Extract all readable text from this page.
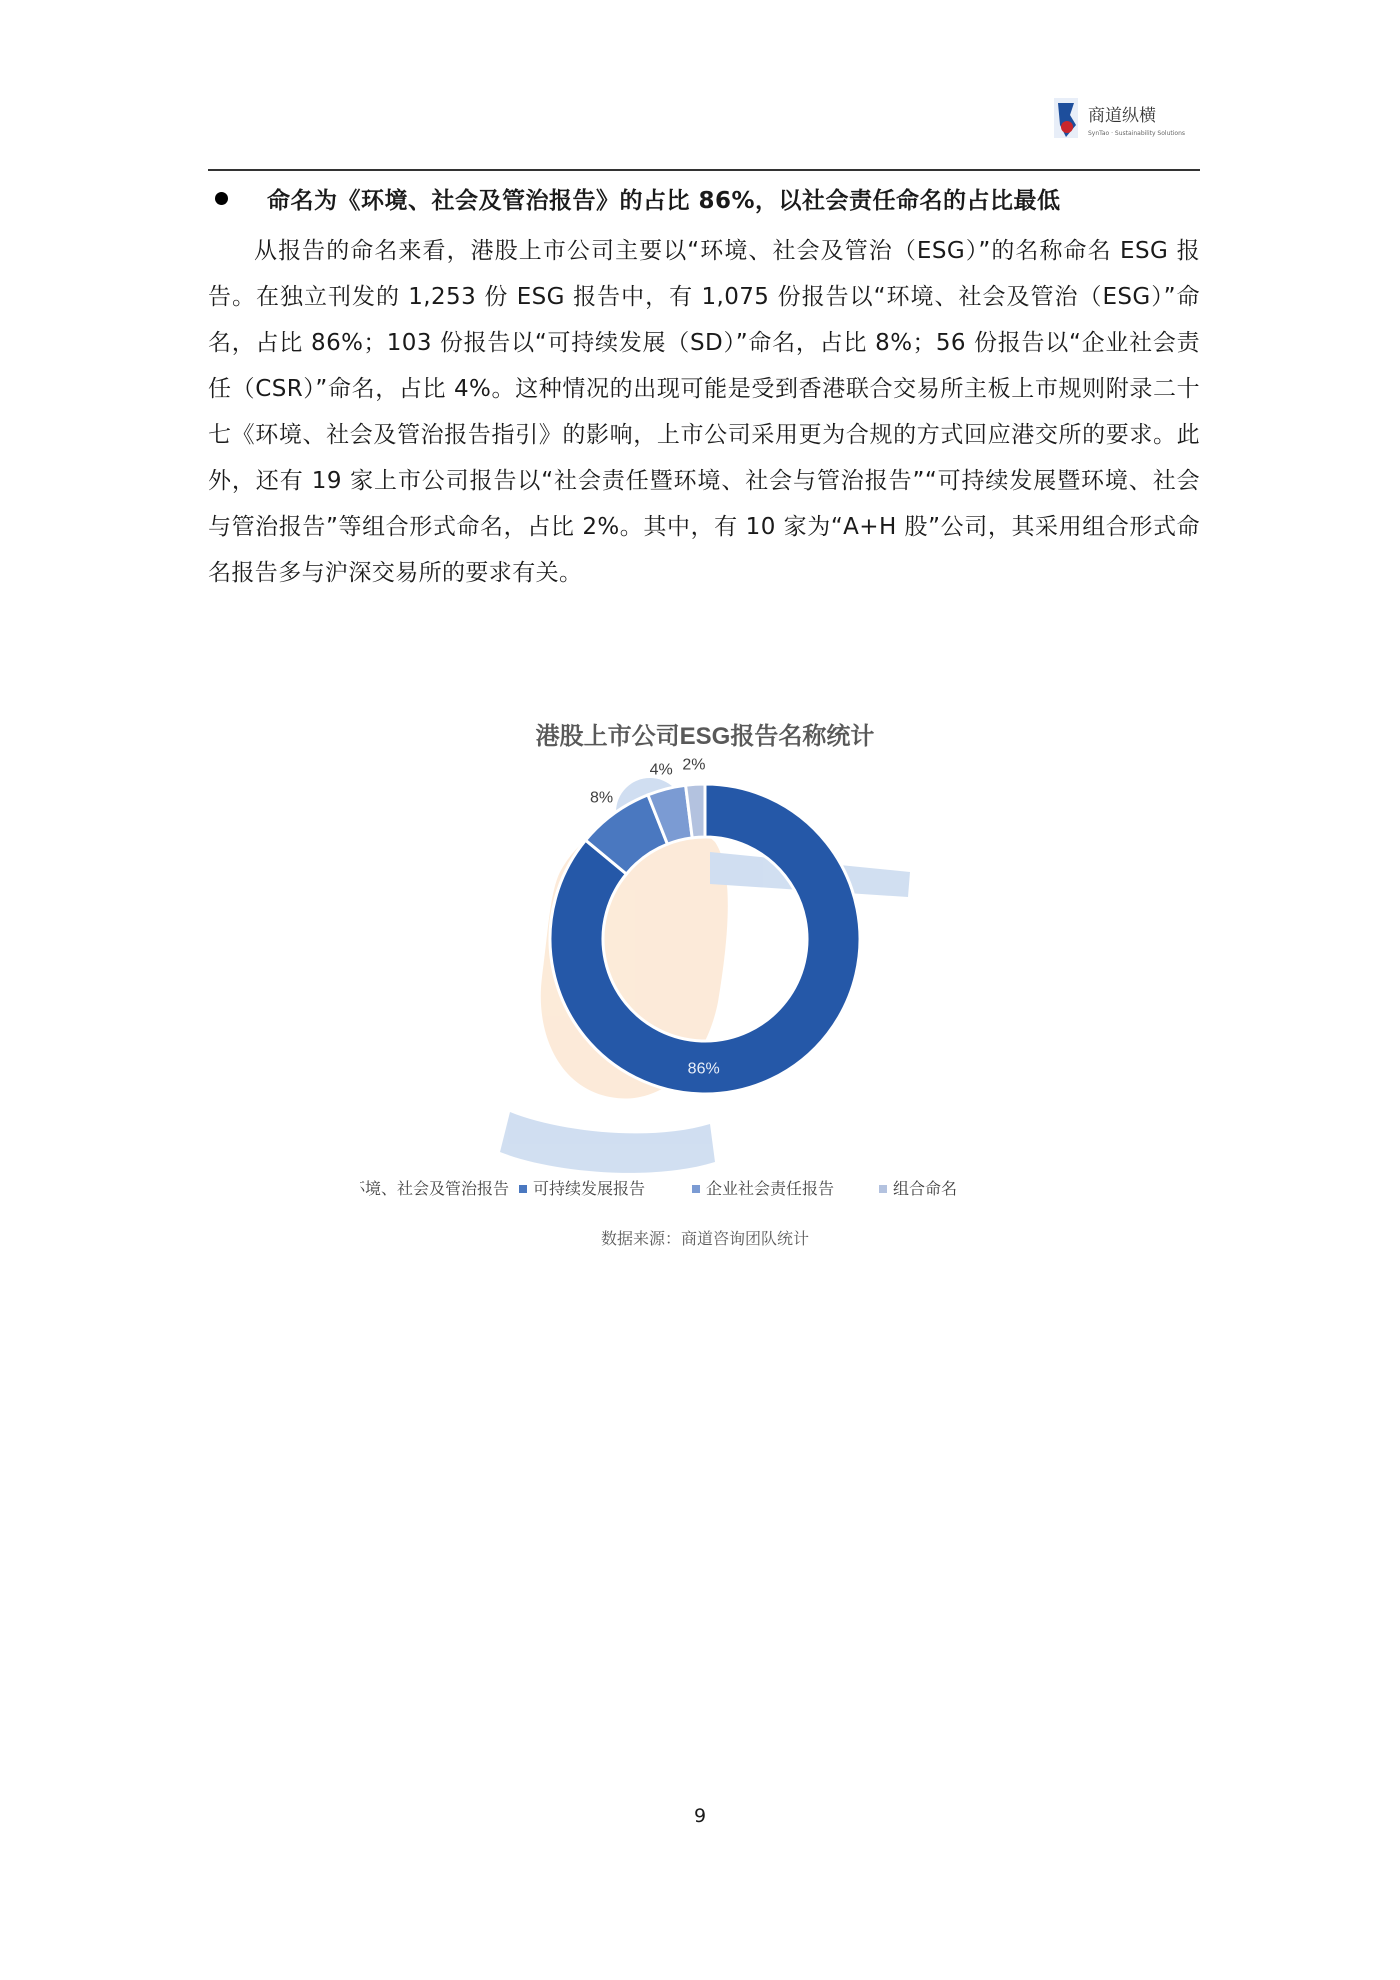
商道纵横
SynTao · Sustainability Solutions
命名为《环境、社会及管治报告》的占比 86%，以社会责任命名的占比最低
从报告的命名来看，港股上市公司主要以“环境、社会及管治（ESG）”的名称命名 ESG 报告。在独立刊发的 1,253 份 ESG 报告中，有 1,075 份报告以“环境、社会及管治（ESG）”命名，占比 86%；103 份报告以“可持续发展（SD）”命名，占比 8%；56 份报告以“企业社会责任（CSR）”命名，占比 4%。这种情况的出现可能是受到香港联合交易所主板上市规则附录二十七《环境、社会及管治报告指引》的影响，上市公司采用更为合规的方式回应港交所的要求。此外，还有 19 家上市公司报告以“社会责任暨环境、社会与管治报告”“可持续发展暨环境、社会与管治报告”等组合形式命名，占比 2%。其中，有 10 家为“A+H 股”公司，其采用组合形式命名报告多与沪深交易所的要求有关。
港股上市公司ESG报告名称统计
86%
8%
4% 2%
环境、社会及管治报告 可持续发展报告	企业社会责任报告	组合命名
数据来源：商道咨询团队统计
9
